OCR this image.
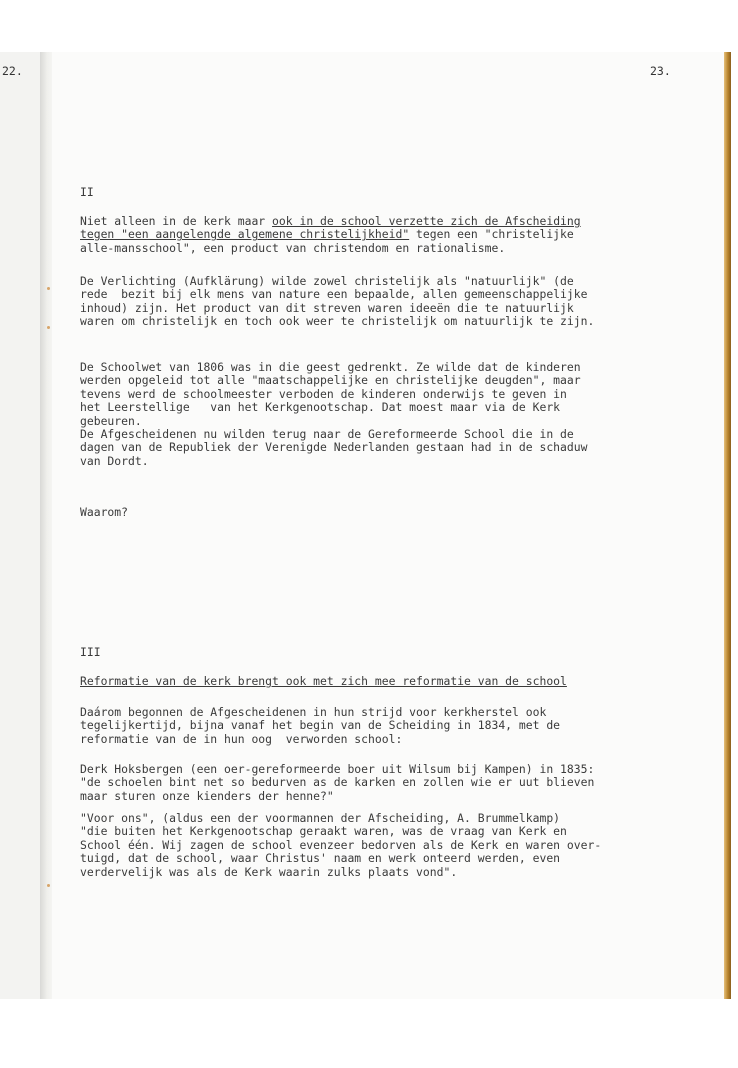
22.	23.
II
Niet alleen in de kerk maar ook in de school verzette zich de Afscheiding
tegen "een aangelengde algemene christelijkheid" tegen een "christelijke
alle-mansschool", een product van christendom en rationalisme.
De Verlichting (Aufklärung) wilde zowel christelijk als "natuurlijk" (de
rede  bezit bij elk mens van nature een bepaalde, allen gemeenschappelijke
inhoud) zijn. Het product van dit streven waren ideeën die te natuurlijk
waren om christelijk en toch ook weer te christelijk om natuurlijk te zijn.
De Schoolwet van 1806 was in die geest gedrenkt. Ze wilde dat de kinderen
werden opgeleid tot alle "maatschappelijke en christelijke deugden", maar
tevens werd de schoolmeester verboden de kinderen onderwijs te geven in
het Leerstellige   van het Kerkgenootschap. Dat moest maar via de Kerk
gebeuren.
De Afgescheidenen nu wilden terug naar de Gereformeerde School die in de
dagen van de Republiek der Verenigde Nederlanden gestaan had in de schaduw
van Dordt.
Waarom?
III
Reformatie van de kerk brengt ook met zich mee reformatie van de school
Daárom begonnen de Afgescheidenen in hun strijd voor kerkherstel ook
tegelijkertijd, bijna vanaf het begin van de Scheiding in 1834, met de
reformatie van de in hun oog  verworden school:
Derk Hoksbergen (een oer-gereformeerde boer uit Wilsum bij Kampen) in 1835:
"de schoelen bint net so bedurven as de karken en zollen wie er uut blieven
maar sturen onze kienders der henne?"
"Voor ons", (aldus een der voormannen der Afscheiding, A. Brummelkamp)
"die buiten het Kerkgenootschap geraakt waren, was de vraag van Kerk en
School één. Wij zagen de school evenzeer bedorven als de Kerk en waren over-
tuigd, dat de school, waar Christus' naam en werk onteerd werden, even
verdervelijk was als de Kerk waarin zulks plaats vond".
